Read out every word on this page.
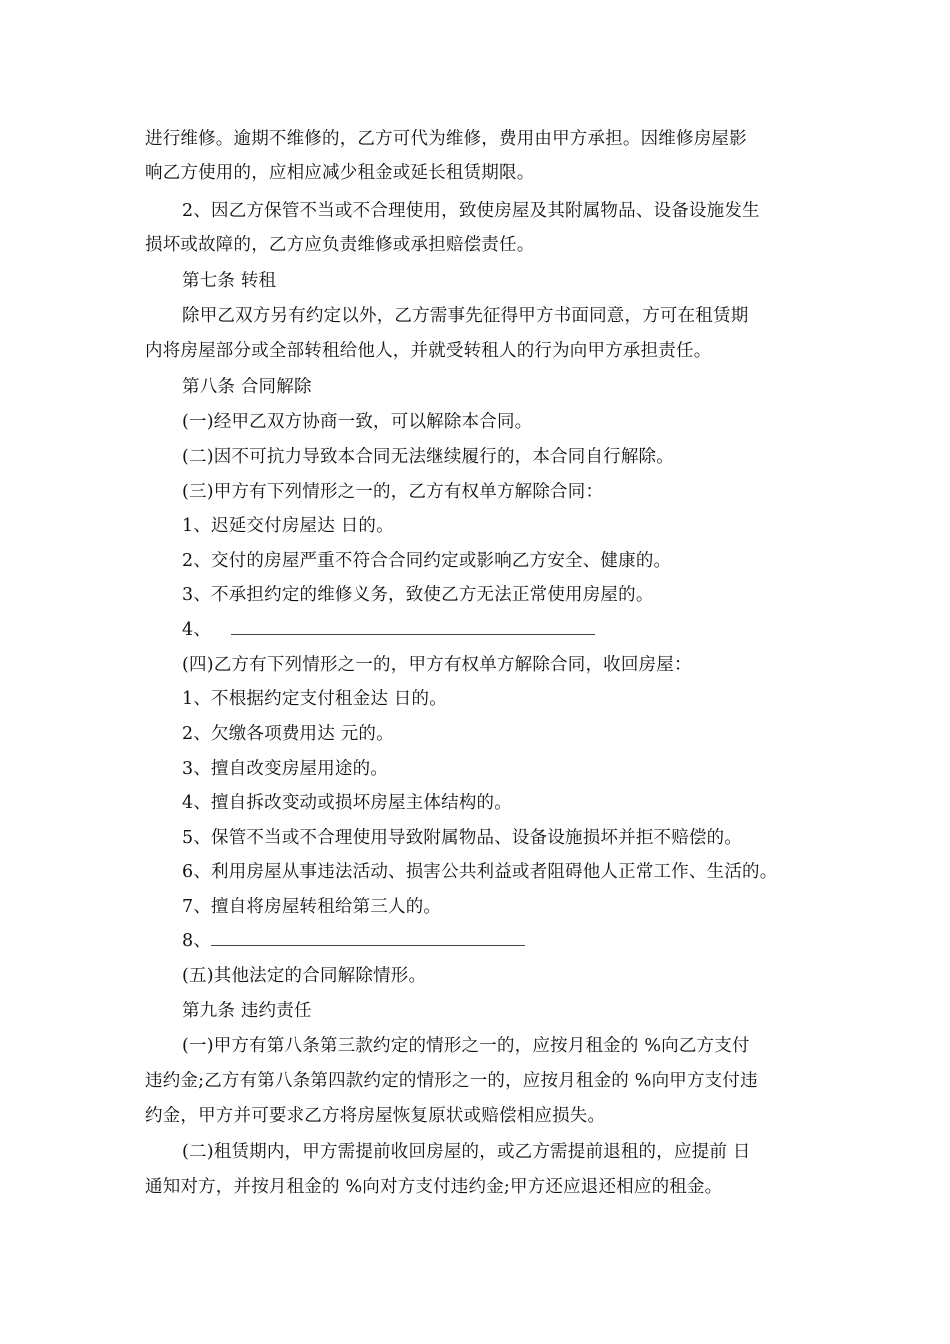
进行维修。逾期不维修的，乙方可代为维修，费用由甲方承担。因维修房屋影
响乙方使用的，应相应减少租金或延长租赁期限。
2、因乙方保管不当或不合理使用，致使房屋及其附属物品、设备设施发生
损坏或故障的，乙方应负责维修或承担赔偿责任。
第七条 转租
除甲乙双方另有约定以外，乙方需事先征得甲方书面同意，方可在租赁期
内将房屋部分或全部转租给他人，并就受转租人的行为向甲方承担责任。
第八条 合同解除
(一)经甲乙双方协商一致，可以解除本合同。
(二)因不可抗力导致本合同无法继续履行的，本合同自行解除。
(三)甲方有下列情形之一的，乙方有权单方解除合同：
1、迟延交付房屋达 日的。
2、交付的房屋严重不符合合同约定或影响乙方安全、健康的。
3、不承担约定的维修义务，致使乙方无法正常使用房屋的。
4、
(四)乙方有下列情形之一的，甲方有权单方解除合同，收回房屋：
1、不根据约定支付租金达 日的。
2、欠缴各项费用达 元的。
3、擅自改变房屋用途的。
4、擅自拆改变动或损坏房屋主体结构的。
5、保管不当或不合理使用导致附属物品、设备设施损坏并拒不赔偿的。
6、利用房屋从事违法活动、损害公共利益或者阻碍他人正常工作、生活的。
7、擅自将房屋转租给第三人的。
8、
(五)其他法定的合同解除情形。
第九条 违约责任
(一)甲方有第八条第三款约定的情形之一的，应按月租金的 %向乙方支付
违约金;乙方有第八条第四款约定的情形之一的，应按月租金的 %向甲方支付违
约金，甲方并可要求乙方将房屋恢复原状或赔偿相应损失。
(二)租赁期内，甲方需提前收回房屋的，或乙方需提前退租的，应提前 日
通知对方，并按月租金的 %向对方支付违约金;甲方还应退还相应的租金。
